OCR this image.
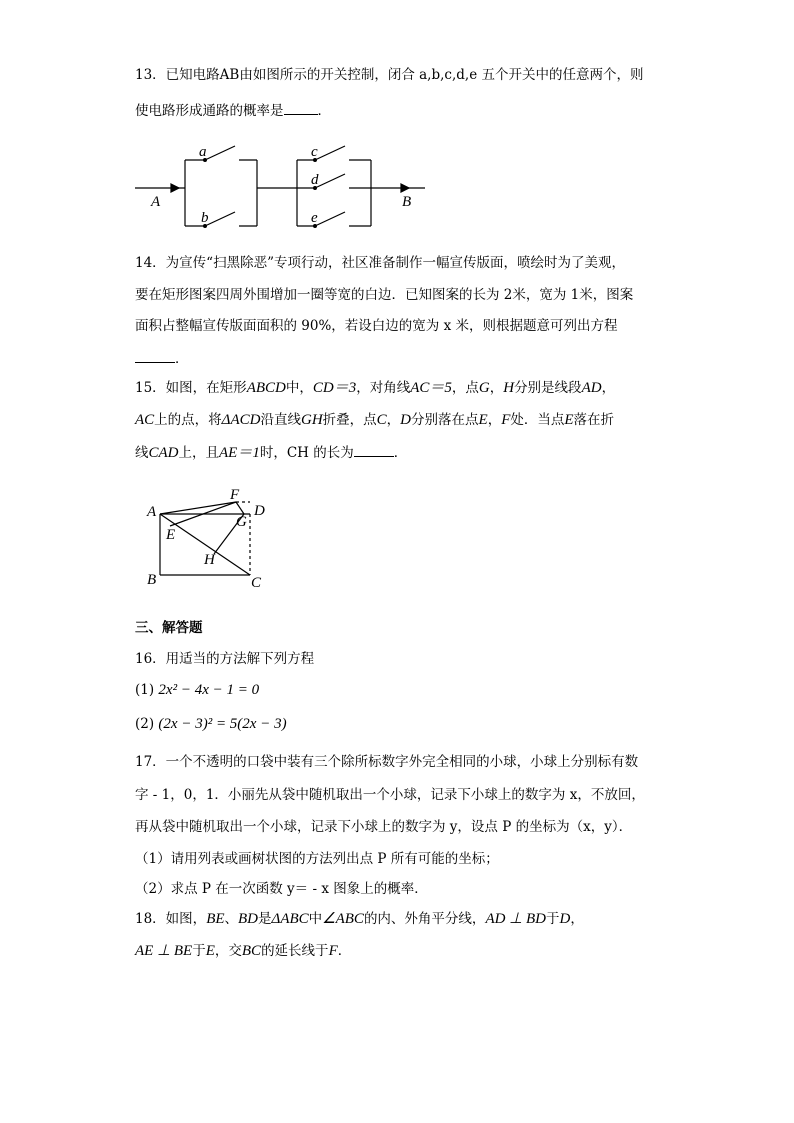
13．已知电路AB由如图所示的开关控制，闭合 a,b,c,d,e 五个开关中的任意两个，则
使电路形成通路的概率是	．
A	B
a
b
c
d
e
14．为宣传“扫黑除恶”专项行动，社区准备制作一幅宣传版面，喷绘时为了美观，
要在矩形图案四周外围增加一圈等宽的白边．已知图案的长为 2米，宽为 1米，图案
面积占整幅宣传版面面积的 90%，若设白边的宽为 x 米，则根据题意可列出方程
．
15．如图，在矩形ABCD中，CD＝3，对角线AC＝5，点G，H分别是线段AD，
AC上的点，将ΔACD沿直线GH折叠，点C，D分别落在点E，F处．当点E落在折
线CAD上，且AE＝1时，CH 的长为	．
A
B	C
D
E
F
G
H
三、解答题
16．用适当的方法解下列方程
(1) 2x² − 4x − 1 = 0
(2) (2x − 3)² = 5(2x − 3)
17．一个不透明的口袋中装有三个除所标数字外完全相同的小球，小球上分别标有数
字 - 1，0，1．小丽先从袋中随机取出一个小球，记录下小球上的数字为 x，不放回，
再从袋中随机取出一个小球，记录下小球上的数字为 y，设点 P 的坐标为（x，y）．
（1）请用列表或画树状图的方法列出点 P 所有可能的坐标；
（2）求点 P 在一次函数 y＝ - x 图象上的概率．
18．如图，BE、BD是ΔABC中∠ABC的内、外角平分线，AD ⊥ BD于D，
AE ⊥ BE于E，交BC的延长线于F．
